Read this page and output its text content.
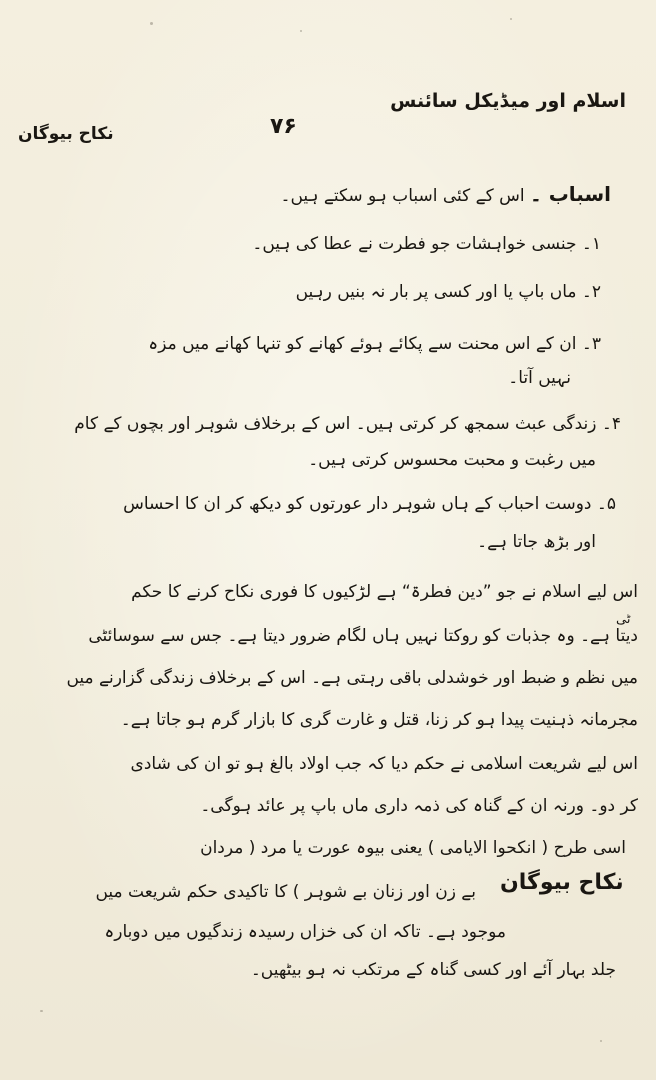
اسلام اور میڈیکل سائنس
۷۶
نکاح بیوگان
اسباب ۔ اس کے کئی اسباب ہو سکتے ہیں۔
۱۔ جنسی خواہشات جو فطرت نے عطا کی ہیں۔
۲۔ ماں باپ یا اور کسی پر بار نہ بنیں رہیں
۳۔ ان کے اس محنت سے پکائے ہوئے کھانے کو تنہا کھانے میں مزہ
نہیں آتا۔
۴۔ زندگی عبث سمجھ کر کرتی ہیں۔ اس کے برخلاف شوہر اور بچوں کے کام
میں رغبت و محبت محسوس کرتی ہیں۔
۵۔ دوست احباب کے ہاں شوہر دار عورتوں کو دیکھ کر ان کا احساس
اور بڑھ جاتا ہے۔
اس لیے اسلام نے جو ”دین فطرۃ“ ہے لڑکیوں کا فوری نکاح کرنے کا حکم
دیتا ہے۔ وہ جذبات کو روکتا نہیں ہاں لگام ضرور دیتا ہے۔ جس سے سوسائٹی
ٹی
میں نظم و ضبط اور خوشدلی باقی رہتی ہے۔ اس کے برخلاف زندگی گزارنے میں
مجرمانہ ذہنیت پیدا ہو کر زنا، قتل و غارت گری کا بازار گرم ہو جاتا ہے۔
اس لیے شریعت اسلامی نے حکم دیا کہ جب اولاد بالغ ہو تو ان کی شادی
کر دو۔ ورنہ ان کے گناہ کی ذمہ داری ماں باپ پر عائد ہوگی۔
اسی طرح ( انکحوا الایامی ) یعنی بیوہ عورت یا مرد ( مردان
نکاح بیوگان
بے زن اور زنان بے شوہر ) کا تاکیدی حکم شریعت میں
موجود ہے۔ تاکہ ان کی خزاں رسیدہ زندگیوں میں دوبارہ
جلد بہار آئے اور کسی گناہ کے مرتکب نہ ہو بیٹھیں۔
